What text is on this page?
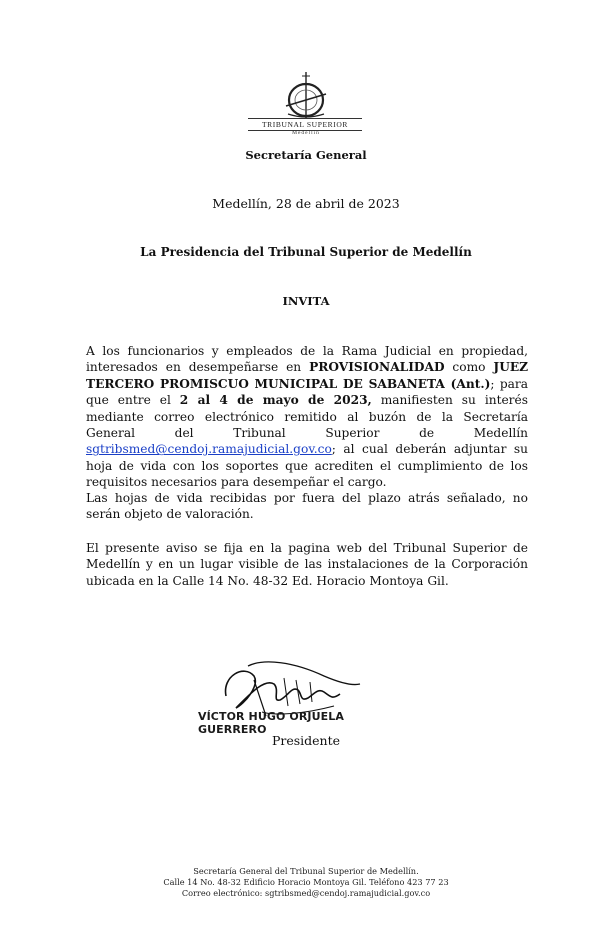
TRIBUNAL SUPERIOR
Medellín
Secretaría General
Medellín, 28 de abril de 2023
La Presidencia del Tribunal Superior de Medellín
INVITA

A los funcionarios y empleados de la Rama Judicial en propiedad, interesados en desempeñarse en PROVISIONALIDAD como JUEZ TERCERO PROMISCUO MUNICIPAL DE SABANETA (Ant.); para que entre el 2 al 4 de mayo de 2023, manifiesten su interés mediante correo electrónico remitido al buzón de la Secretaría General del Tribunal Superior de Medellín sgtribsmed@cendoj.ramajudicial.gov.co; al cual deberán adjuntar su hoja de vida con los soportes que acrediten el cumplimiento de los requisitos necesarios para desempeñar el cargo.

Las hojas de vida recibidas por fuera del plazo atrás señalado, no serán objeto de valoración.

El presente aviso se fija en la pagina web del Tribunal Superior de Medellín y en un lugar visible de las instalaciones de la Corporación ubicada en la Calle 14 No. 48-32 Ed. Horacio Montoya Gil.

VÍCTOR HUGO ORJUELA GUERRERO
Presidente
Secretaría General del Tribunal Superior de Medellín.
Calle 14 No. 48-32 Edificio Horacio Montoya Gil. Teléfono 423 77 23
Correo electrónico: sgtribsmed@cendoj.ramajudicial.gov.co
